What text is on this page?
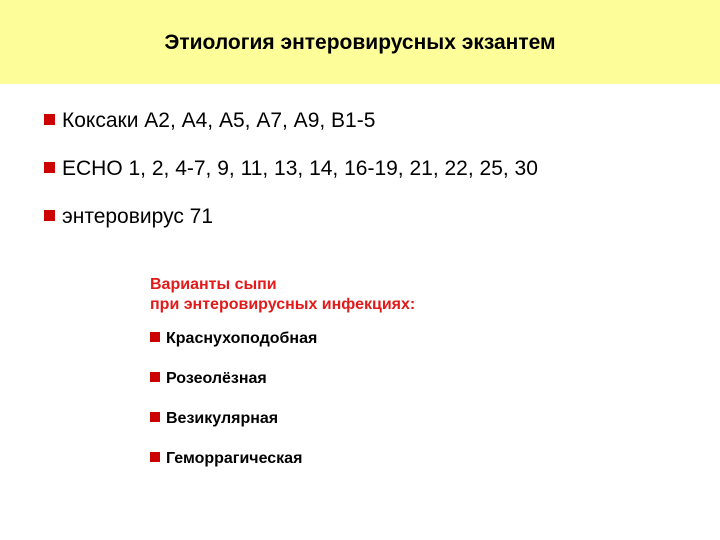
Этиология энтеровирусных экзантем
Коксаки А2, А4, А5, А7, А9, В1-5
ЕСНО 1, 2, 4-7, 9, 11, 13, 14, 16-19, 21, 22, 25, 30
энтеровирус 71
Варианты сыпи
при энтеровирусных инфекциях:
Краснухоподобная
Розеолёзная
Везикулярная
Геморрагическая
